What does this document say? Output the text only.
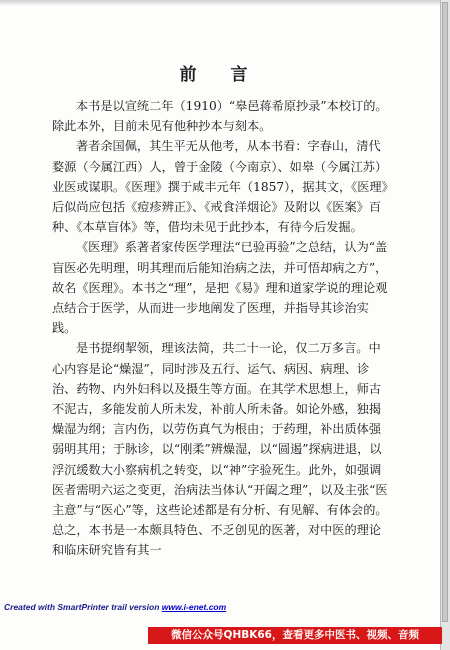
前 言

本书是以宣统二年（1910）“皋邑蒋希原抄录”本校订的。除此本外，目前未见有他种抄本与刻本。

著者余国佩，其生平无从他考，从本书看：字春山，清代婺源（今属江西）人，曾于金陵（今南京）、如皋（今属江苏）业医或谋职。《医理》撰于咸丰元年（1857），据其文，《医理》后似尚应包括《痘疹辨正》、《戒食洋烟论》及附以《医案》百种、《本草盲体》等，借均未见于此抄本，有待今后发掘。

《医理》系著者家传医学理法“已验再验”之总结，认为“盖盲医必先明理，明其理而后能知治病之法，并可悟却病之方”，故名《医理》。本书之“理”，是把《易》理和道家学说的理论观点结合于医学，从而进一步地阐发了医理，并指导其诊治实践。

是书提纲挈领，理该法简，共二十一论，仅二万多言。中心内容是论“燥湿”，同时涉及五行、运气、病因、病理、诊治、药物、内外妇科以及摄生等方面。在其学术思想上，师古不泥古，多能发前人所未发，补前人所未备。如论外感，独揭燥湿为纲；言内伤，以劳伤真气为根由；于药理，补出质体强弱明其用；于脉诊，以“刚柔”辨燥湿，以“圆遏”探病进退，以浮沉缓数大小察病机之转变，以“神”字验死生。此外，如强调医者需明六运之变更，治病法当体认“开阖之理”，以及主张“医主意”与“医心”等，这些论述都是有分析、有见解、有体会的。总之，本书是一本颇具特色、不乏创见的医著，对中医的理论和临床研究皆有其一

Created with SmartPrinter trail version www.i-enet.com
微信公众号QHBK66，查看更多中医书、视频、音频
